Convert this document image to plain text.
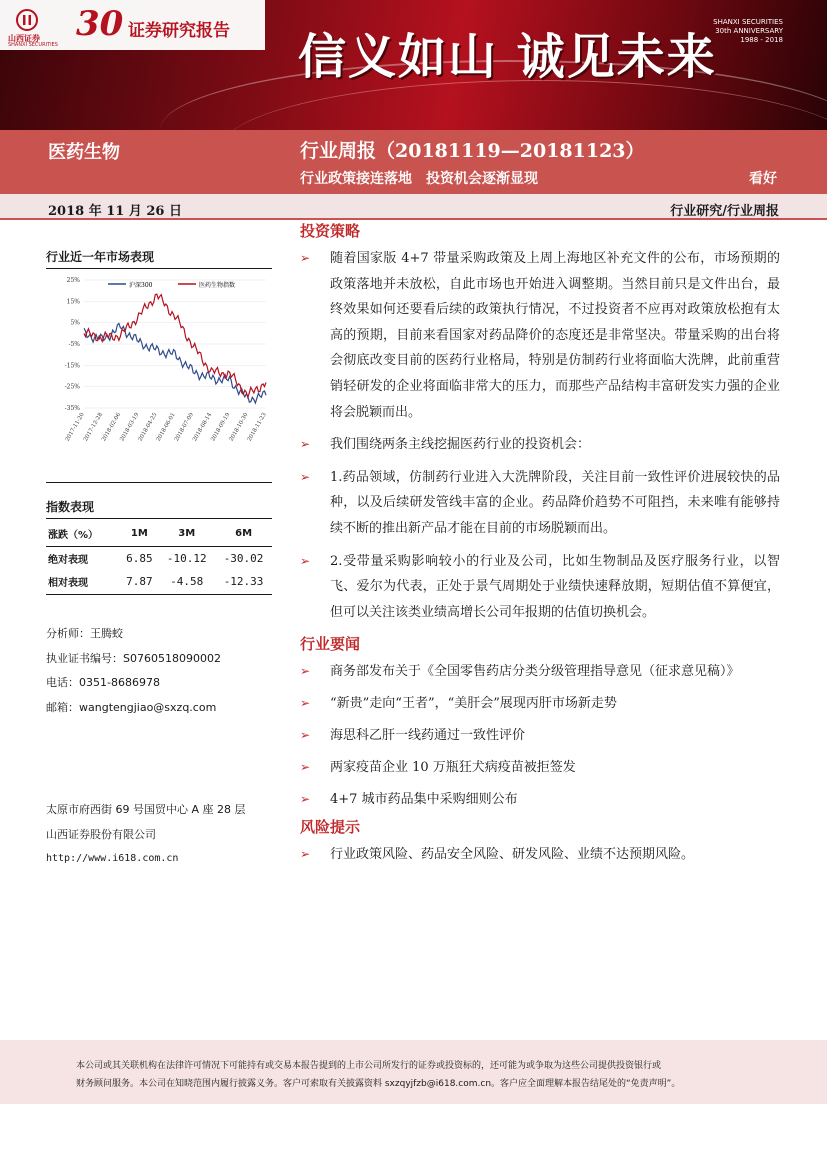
山西证券
SHANXI SECURITIES
30 证券研究报告 信义如山 诚见未来
SHANXI SECURITIES
30th ANNIVERSARY
1988 - 2018
医药生物	行业周报（20181119—20181123）
行业政策接连落地　投资机会逐渐显现	看好
2018 年 11 月 26 日	行业研究/行业周报
行业近一年市场表现
25%
15%
5%
-5%
-15%
-25%
-35%
2017-11-20
2017-12-28
2018-02-06
2018-03-19
2018-04-25
2018-06-01
2018-07-09
2018-08-14
2018-09-19
2018-10-30
2018-11-23
沪深300	医药生物指数
指数表现
涨跌（%）	1M	3M	6M
绝对表现	6.85	-10.12	-30.02
相对表现	7.87	-4.58	-12.33
分析师：王腾蛟
执业证书编号：S0760518090002
电话：0351-8686978
邮箱：wangtengjiao@sxzq.com
太原市府西街 69 号国贸中心 A 座 28 层
山西证券股份有限公司
http://www.i618.com.cn
投资策略
➢ 随着国家版 4+7 带量采购政策及上周上海地区补充文件的公布，市场预期的政策落地并未放松，自此市场也开始进入调整期。当然目前只是文件出台，最终效果如何还要看后续的政策执行情况，不过投资者不应再对政策放松抱有太高的预期，目前来看国家对药品降价的态度还是非常坚决。带量采购的出台将会彻底改变目前的医药行业格局，特别是仿制药行业将面临大洗牌，此前重营销轻研发的企业将面临非常大的压力，而那些产品结构丰富研发实力强的企业将会脱颖而出。
➢ 我们围绕两条主线挖掘医药行业的投资机会：
➢ 1.药品领域，仿制药行业进入大洗牌阶段，关注目前一致性评价进展较快的品种，以及后续研发管线丰富的企业。药品降价趋势不可阻挡，未来唯有能够持续不断的推出新产品才能在目前的市场脱颖而出。
➢ 2.受带量采购影响较小的行业及公司，比如生物制品及医疗服务行业，以智飞、爱尔为代表，正处于景气周期处于业绩快速释放期，短期估值不算便宜，但可以关注该类业绩高增长公司年报期的估值切换机会。
行业要闻
➢ 商务部发布关于《全国零售药店分类分级管理指导意见（征求意见稿）》
➢ “新贵”走向“王者”，“美肝会”展现丙肝市场新走势
➢ 海思科乙肝一线药通过一致性评价
➢ 两家疫苗企业 10 万瓶狂犬病疫苗被拒签发
➢ 4+7 城市药品集中采购细则公布
风险提示
➢ 行业政策风险、药品安全风险、研发风险、业绩不达预期风险。

本公司或其关联机构在法律许可情况下可能持有或交易本报告提到的上市公司所发行的证券或投资标的，还可能为或争取为这些公司提供投资银行或

财务顾问服务。本公司在知晓范围内履行披露义务。客户可索取有关披露资料 sxzqyjfzb@i618.com.cn。客户应全面理解本报告结尾处的“免责声明”。
